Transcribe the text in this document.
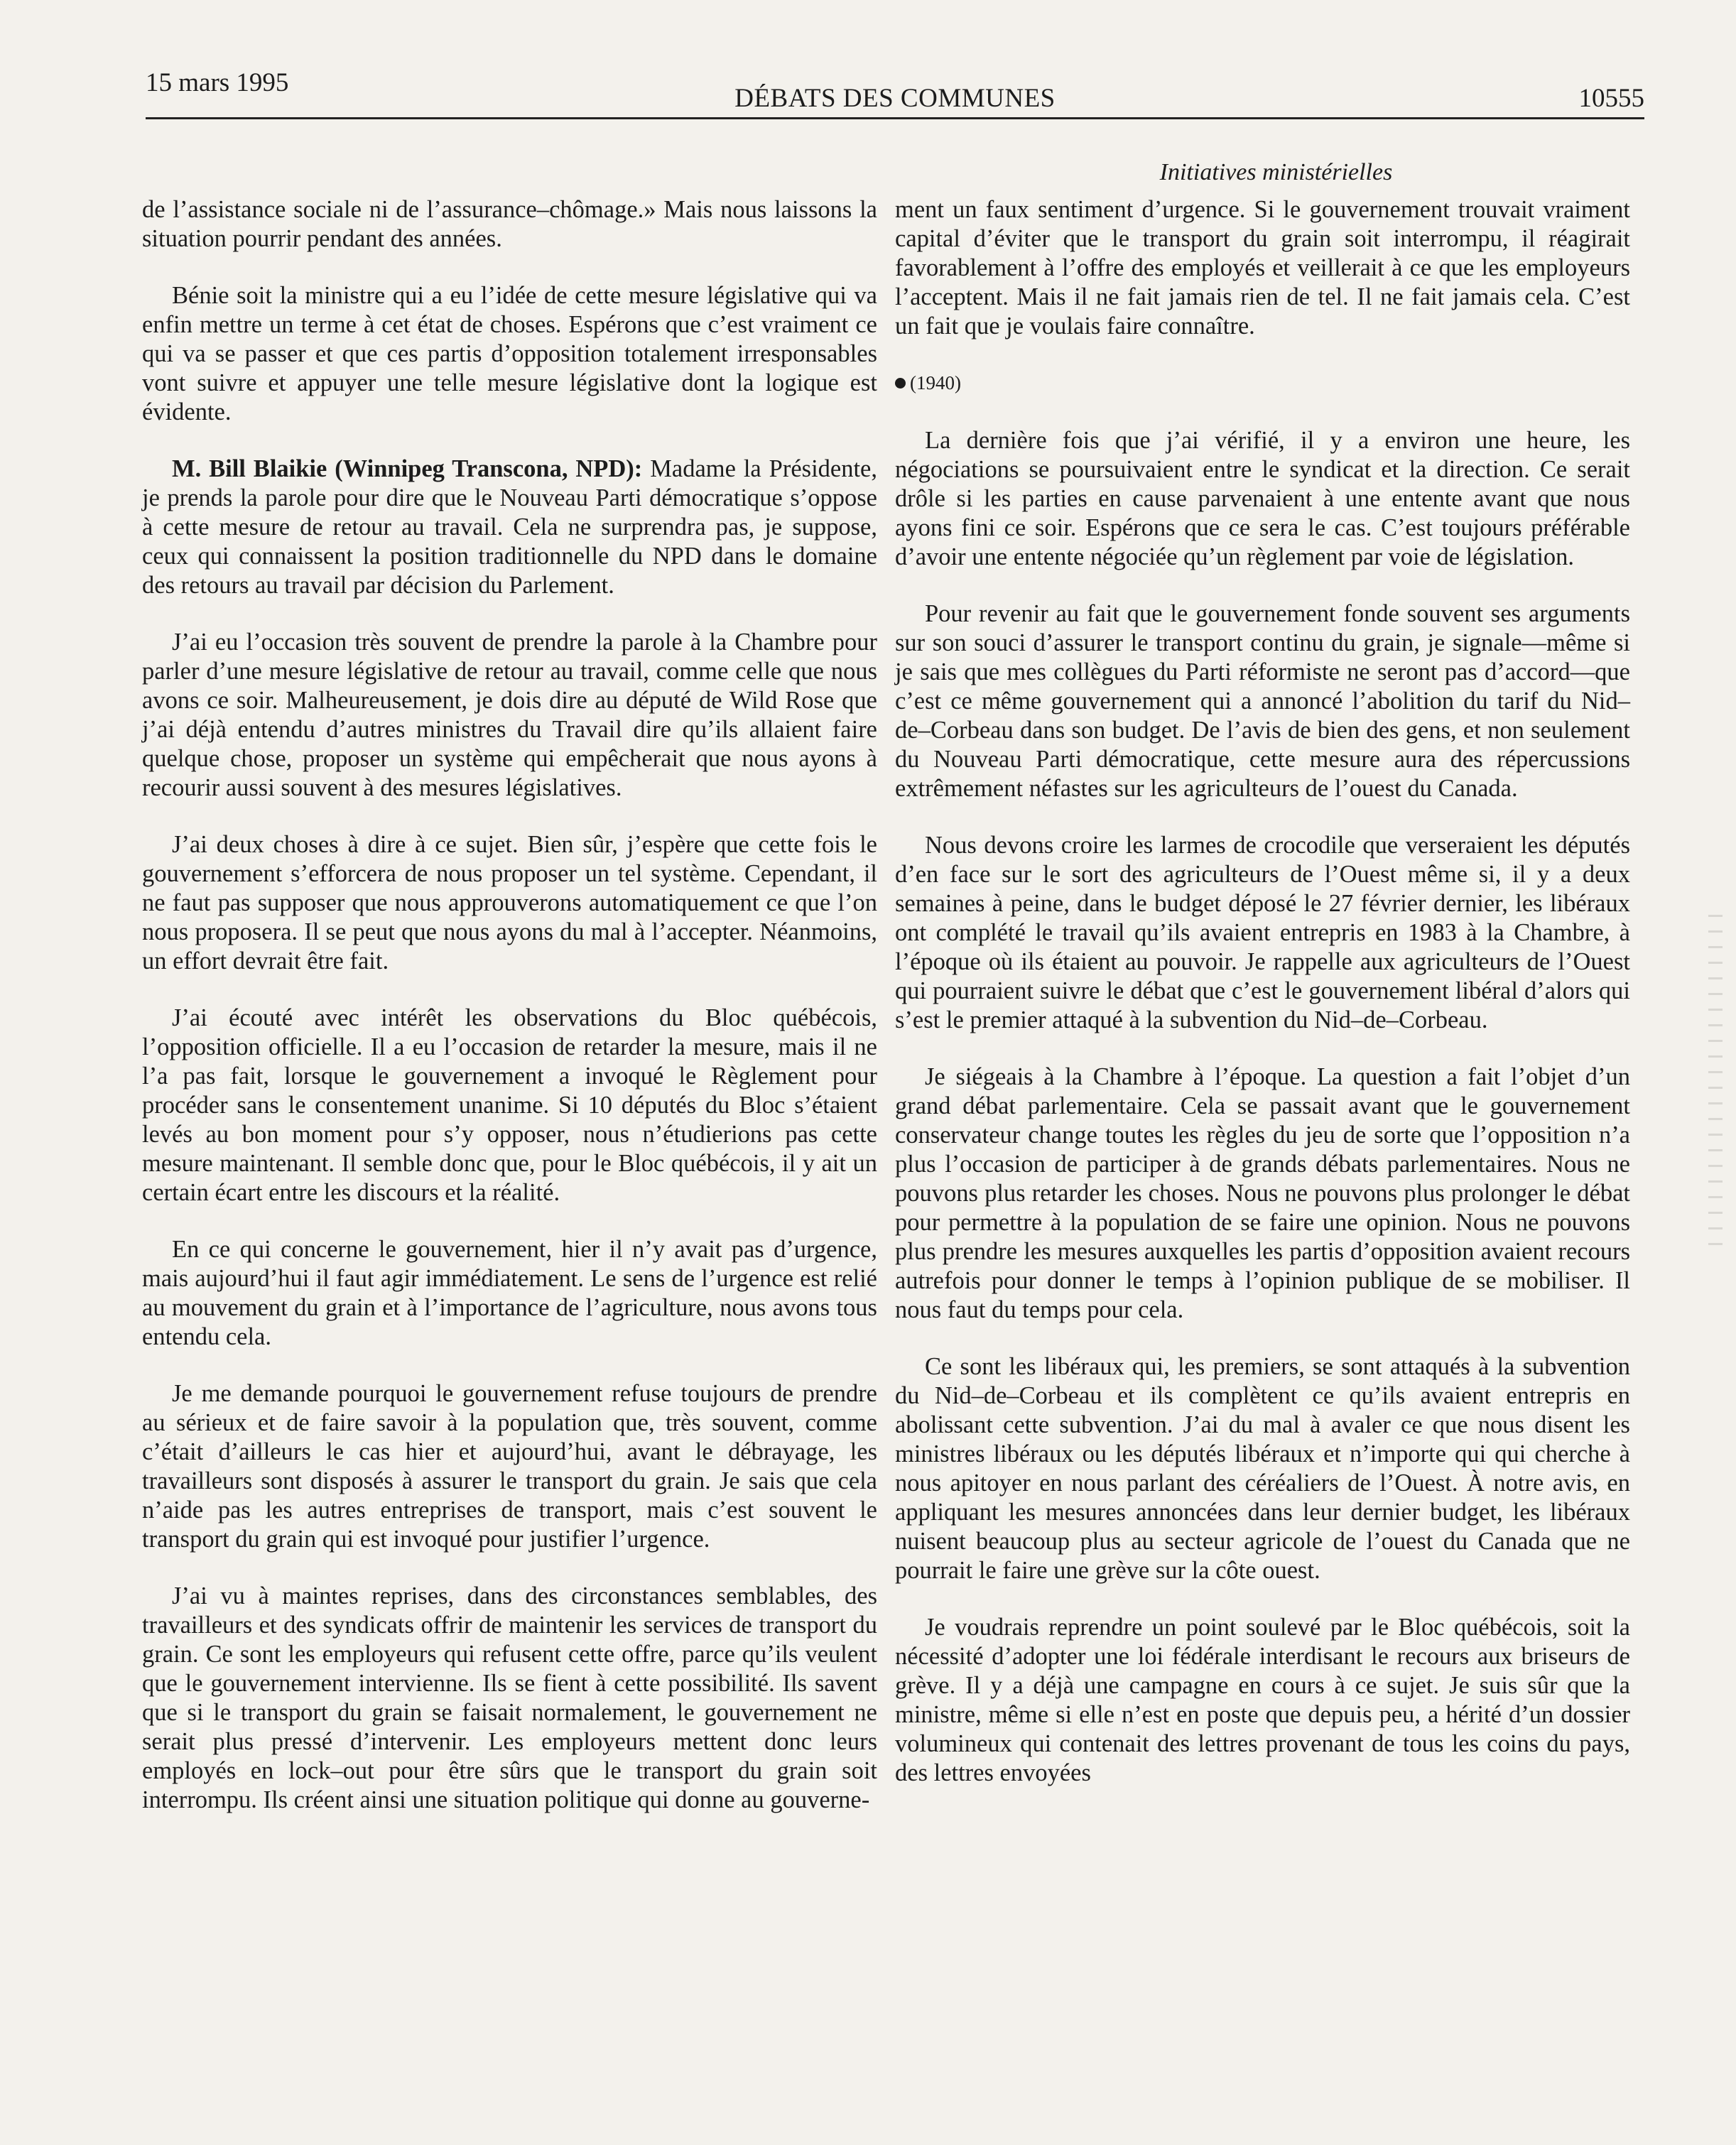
15 mars 1995
DÉBATS DES COMMUNES	10555
Initiatives ministérielles

de l’assistance sociale ni de l’assurance–chômage.» Mais nous laissons la situation pourrir pendant des années.

Bénie soit la ministre qui a eu l’idée de cette mesure législative qui va enfin mettre un terme à cet état de choses. Espérons que c’est vraiment ce qui va se passer et que ces partis d’opposition totalement irresponsables vont suivre et appuyer une telle mesure législative dont la logique est évidente.

M. Bill Blaikie (Winnipeg Transcona, NPD): Madame la Présidente, je prends la parole pour dire que le Nouveau Parti démocratique s’oppose à cette mesure de retour au travail. Cela ne surprendra pas, je suppose, ceux qui connaissent la position traditionnelle du NPD dans le domaine des retours au travail par décision du Parlement.

J’ai eu l’occasion très souvent de prendre la parole à la Chambre pour parler d’une mesure législative de retour au travail, comme celle que nous avons ce soir. Malheureusement, je dois dire au député de Wild Rose que j’ai déjà entendu d’autres ministres du Travail dire qu’ils allaient faire quelque chose, proposer un système qui empêcherait que nous ayons à recourir aussi souvent à des mesures législatives.

J’ai deux choses à dire à ce sujet. Bien sûr, j’espère que cette fois le gouvernement s’efforcera de nous proposer un tel système. Cependant, il ne faut pas supposer que nous approuverons automatiquement ce que l’on nous proposera. Il se peut que nous ayons du mal à l’accepter. Néanmoins, un effort devrait être fait.

J’ai écouté avec intérêt les observations du Bloc québécois, l’opposition officielle. Il a eu l’occasion de retarder la mesure, mais il ne l’a pas fait, lorsque le gouvernement a invoqué le Règlement pour procéder sans le consentement unanime. Si 10 députés du Bloc s’étaient levés au bon moment pour s’y opposer, nous n’étudierions pas cette mesure maintenant. Il semble donc que, pour le Bloc québécois, il y ait un certain écart entre les discours et la réalité.

En ce qui concerne le gouvernement, hier il n’y avait pas d’urgence, mais aujourd’hui il faut agir immédiatement. Le sens de l’urgence est relié au mouvement du grain et à l’importance de l’agriculture, nous avons tous entendu cela.

Je me demande pourquoi le gouvernement refuse toujours de prendre au sérieux et de faire savoir à la population que, très souvent, comme c’était d’ailleurs le cas hier et aujourd’hui, avant le débrayage, les travailleurs sont disposés à assurer le transport du grain. Je sais que cela n’aide pas les autres entreprises de transport, mais c’est souvent le transport du grain qui est invoqué pour justifier l’urgence.

J’ai vu à maintes reprises, dans des circonstances semblables, des travailleurs et des syndicats offrir de maintenir les services de transport du grain. Ce sont les employeurs qui refusent cette offre, parce qu’ils veulent que le gouvernement intervienne. Ils se fient à cette possibilité. Ils savent que si le transport du grain se faisait normalement, le gouvernement ne serait plus pressé d’intervenir. Les employeurs mettent donc leurs employés en lock–out pour être sûrs que le transport du grain soit interrompu. Ils créent ainsi une situation politique qui donne au gouverne-

ment un faux sentiment d’urgence. Si le gouvernement trouvait vraiment capital d’éviter que le transport du grain soit interrompu, il réagirait favorablement à l’offre des employés et veillerait à ce que les employeurs l’acceptent. Mais il ne fait jamais rien de tel. Il ne fait jamais cela. C’est un fait que je voulais faire connaître.

(1940)

La dernière fois que j’ai vérifié, il y a environ une heure, les négociations se poursuivaient entre le syndicat et la direction. Ce serait drôle si les parties en cause parvenaient à une entente avant que nous ayons fini ce soir. Espérons que ce sera le cas. C’est toujours préférable d’avoir une entente négociée qu’un règlement par voie de législation.

Pour revenir au fait que le gouvernement fonde souvent ses arguments sur son souci d’assurer le transport continu du grain, je signale—même si je sais que mes collègues du Parti réformiste ne seront pas d’accord—que c’est ce même gouvernement qui a annoncé l’abolition du tarif du Nid–de–Corbeau dans son budget. De l’avis de bien des gens, et non seulement du Nouveau Parti démocratique, cette mesure aura des répercussions extrêmement néfastes sur les agriculteurs de l’ouest du Canada.

Nous devons croire les larmes de crocodile que verseraient les députés d’en face sur le sort des agriculteurs de l’Ouest même si, il y a deux semaines à peine, dans le budget déposé le 27 février dernier, les libéraux ont complété le travail qu’ils avaient entrepris en 1983 à la Chambre, à l’époque où ils étaient au pouvoir. Je rappelle aux agriculteurs de l’Ouest qui pourraient suivre le débat que c’est le gouvernement libéral d’alors qui s’est le premier attaqué à la subvention du Nid–de–Corbeau.

Je siégeais à la Chambre à l’époque. La question a fait l’objet d’un grand débat parlementaire. Cela se passait avant que le gouvernement conservateur change toutes les règles du jeu de sorte que l’opposition n’a plus l’occasion de participer à de grands débats parlementaires. Nous ne pouvons plus retarder les choses. Nous ne pouvons plus prolonger le débat pour permettre à la population de se faire une opinion. Nous ne pouvons plus prendre les mesures auxquelles les partis d’opposition avaient recours autrefois pour donner le temps à l’opinion publique de se mobiliser. Il nous faut du temps pour cela.

Ce sont les libéraux qui, les premiers, se sont attaqués à la subvention du Nid–de–Corbeau et ils complètent ce qu’ils avaient entrepris en abolissant cette subvention. J’ai du mal à avaler ce que nous disent les ministres libéraux ou les députés libéraux et n’importe qui qui cherche à nous apitoyer en nous parlant des céréaliers de l’Ouest. À notre avis, en appliquant les mesures annoncées dans leur dernier budget, les libéraux nuisent beaucoup plus au secteur agricole de l’ouest du Canada que ne pourrait le faire une grève sur la côte ouest.

Je voudrais reprendre un point soulevé par le Bloc québécois, soit la nécessité d’adopter une loi fédérale interdisant le recours aux briseurs de grève. Il y a déjà une campagne en cours à ce sujet. Je suis sûr que la ministre, même si elle n’est en poste que depuis peu, a hérité d’un dossier volumineux qui contenait des lettres provenant de tous les coins du pays, des lettres envoyées
